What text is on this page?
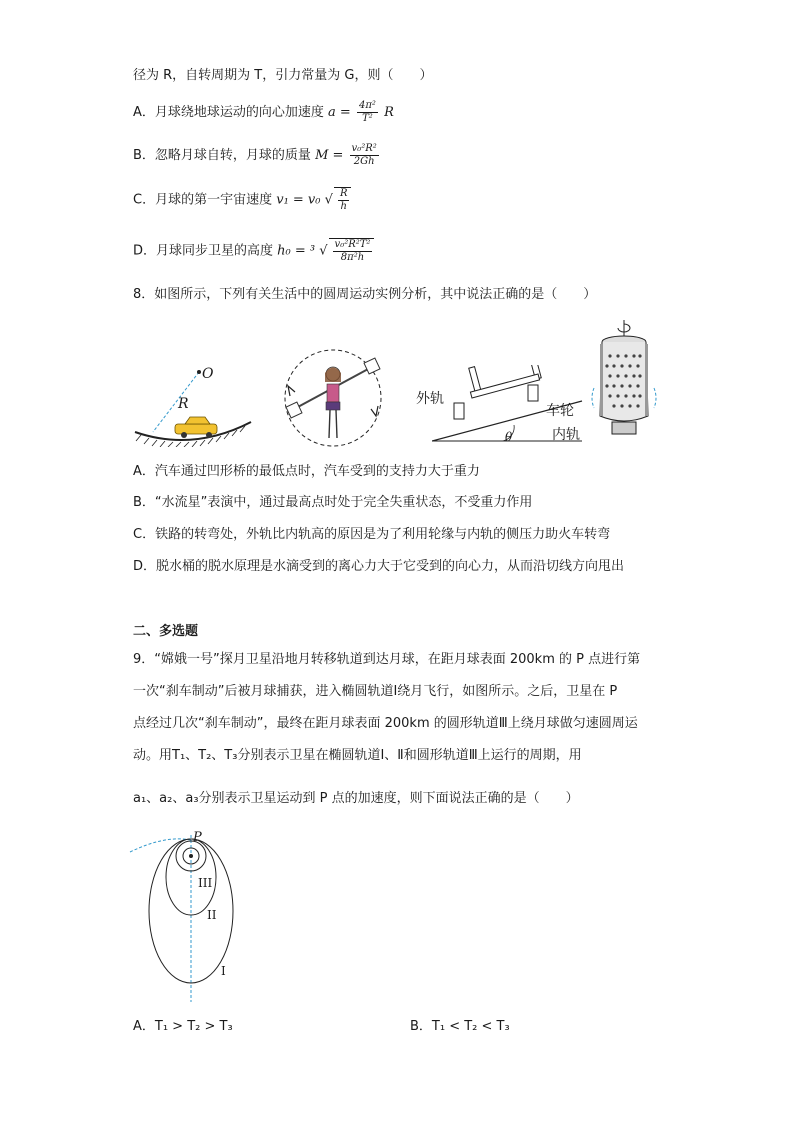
径为 R，自转周期为 T，引力常量为 G，则（　　）
A．月球绕地球运动的向心加速度 $a = \frac{\text{4π²}}{\text{T²}}$ R
B．忽略月球自转，月球的质量 $M = \frac{\text{v₀²R²}}{2Gh}$
C．月球的第一宇宙速度 v₁ = v₀ √ $\frac{R}{h}$
D．月球同步卫星的高度 h₀ = ³ √ $\frac{\text{v₀²R²T²}}{\text{8π²h}}$
8．如图所示，下列有关生活中的圆周运动实例分析，其中说法正确的是（　　）
O
R	外轨
车轮
内轨
θ
A．汽车通过凹形桥的最低点时，汽车受到的支持力大于重力
B．“水流星”表演中，通过最高点时处于完全失重状态，不受重力作用
C．铁路的转弯处，外轨比内轨高的原因是为了利用轮缘与内轨的侧压力助火车转弯
D．脱水桶的脱水原理是水滴受到的离心力大于它受到的向心力，从而沿切线方向甩出
二、多选题
9．“嫦娥一号”探月卫星沿地月转移轨道到达月球，在距月球表面 200km 的 P 点进行第
一次“刹车制动”后被月球捕获，进入椭圆轨道Ⅰ绕月飞行，如图所示。之后，卫星在 P
点经过几次“刹车制动”，最终在距月球表面 200km 的圆形轨道Ⅲ上绕月球做匀速圆周运
动。用T₁、T₂、T₃分别表示卫星在椭圆轨道Ⅰ、Ⅱ和圆形轨道Ⅲ上运行的周期，用
a₁、a₂、a₃分别表示卫星运动到 P 点的加速度，则下面说法正确的是（　　）
P
III
II
I
A．T₁ > T₂ > T₃	B．T₁ < T₂ < T₃
